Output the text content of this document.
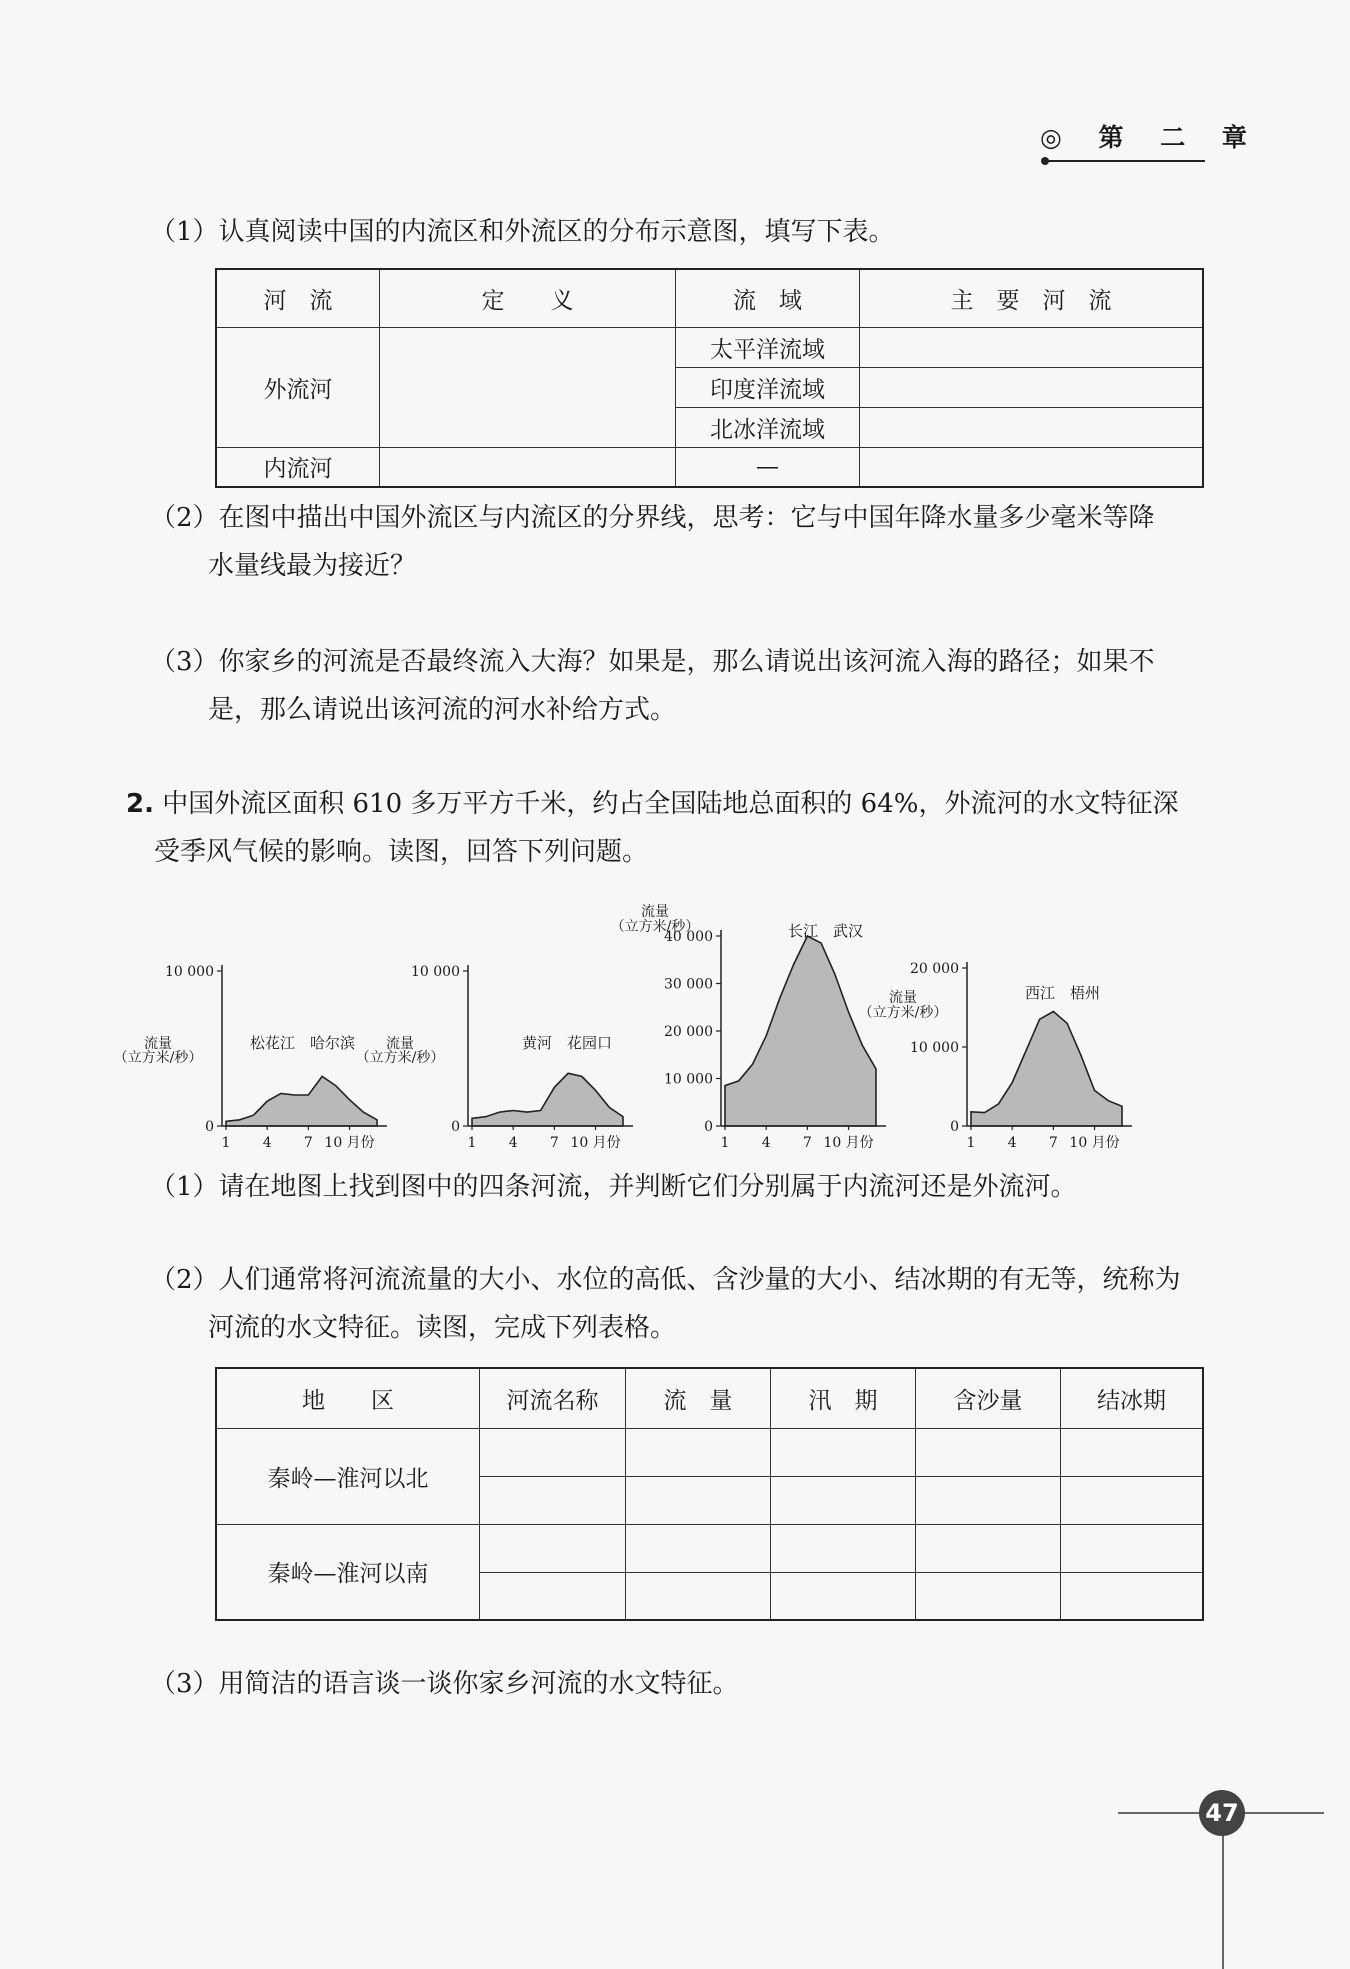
◎ 第 二 章
（1）认真阅读中国的内流区和外流区的分布示意图，填写下表。
河　流	定　　义	流　域	主　要　河　流
外流河		太平洋流域	
		印度洋流域	
		北冰洋流域	
内流河		—	
（2）在图中描出中国外流区与内流区的分界线，思考：它与中国年降水量多少毫米等降
水量线最为接近？
（3）你家乡的河流是否最终流入大海？如果是，那么请说出该河流入海的路径；如果不
是，那么请说出该河流的河水补给方式。
2. 中国外流区面积 610 多万平方千米，约占全国陆地总面积的 64%，外流河的水文特征深
受季风气候的影响。读图，回答下列问题。
0
10 000
1 4 7 10 月份
流量
（立方米/秒）
松花江　哈尔滨
0
10 000
1 4 7 10 月份
流量
（立方米/秒）
黄河　花园口
0
10 000
20 000
30 000
40 000
1 4 7 10 月份
流量
（立方米/秒）	长江　武汉
0
10 000
20 000
1 4 7 10 月份
流量
（立方米/秒）
西江　梧州
（1）请在地图上找到图中的四条河流，并判断它们分别属于内流河还是外流河。
（2）人们通常将河流流量的大小、水位的高低、含沙量的大小、结冰期的有无等，统称为
河流的水文特征。读图，完成下列表格。
地　　区	河流名称	流　量	汛　期	含沙量	结冰期
秦岭—淮河以北					

秦岭—淮河以南					

（3）用简洁的语言谈一谈你家乡河流的水文特征。
47
